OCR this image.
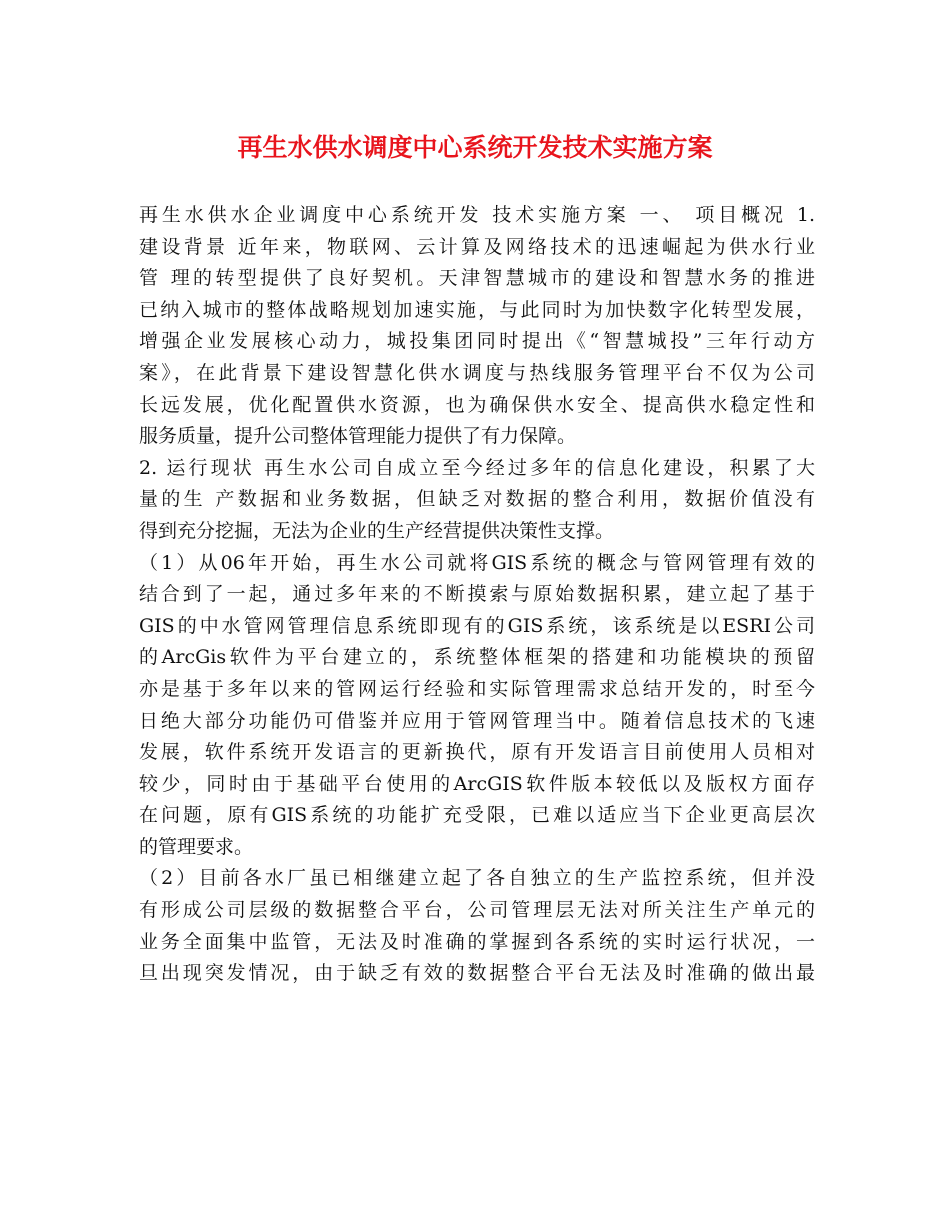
再生水供水调度中心系统开发技术实施方案
再生水供水企业调度中心系统开发 技术实施方案 一、 项目概况 1.
建设背景 近年来，物联网、云计算及网络技术的迅速崛起为供水行业
管 理的转型提供了良好契机。天津智慧城市的建设和智慧水务的推进
已纳入城市的整体战略规划加速实施，与此同时为加快数字化转型发展，
增强企业发展核心动力，城投集团同时提出《“智慧城投”三年行动方
案》，在此背景下建设智慧化供水调度与热线服务管理平台不仅为公司
长远发展，优化配置供水资源，也为确保供水安全、提高供水稳定性和
服务质量，提升公司整体管理能力提供了有力保障。
2. 运行现状 再生水公司自成立至今经过多年的信息化建设，积累了大
量的生 产数据和业务数据，但缺乏对数据的整合利用，数据价值没有
得到充分挖掘，无法为企业的生产经营提供决策性支撑。
（1）从06年开始，再生水公司就将GIS系统的概念与管网管理有效的
结合到了一起，通过多年来的不断摸索与原始数据积累，建立起了基于
GIS的中水管网管理信息系统即现有的GIS系统，该系统是以ESRI公司
的ArcGis软件为平台建立的，系统整体框架的搭建和功能模块的预留
亦是基于多年以来的管网运行经验和实际管理需求总结开发的，时至今
日绝大部分功能仍可借鉴并应用于管网管理当中。随着信息技术的飞速
发展，软件系统开发语言的更新换代，原有开发语言目前使用人员相对
较少，同时由于基础平台使用的ArcGIS软件版本较低以及版权方面存
在问题，原有GIS系统的功能扩充受限，已难以适应当下企业更高层次
的管理要求。
（2）目前各水厂虽已相继建立起了各自独立的生产监控系统，但并没
有形成公司层级的数据整合平台，公司管理层无法对所关注生产单元的
业务全面集中监管，无法及时准确的掌握到各系统的实时运行状况，一
旦出现突发情况，由于缺乏有效的数据整合平台无法及时准确的做出最
